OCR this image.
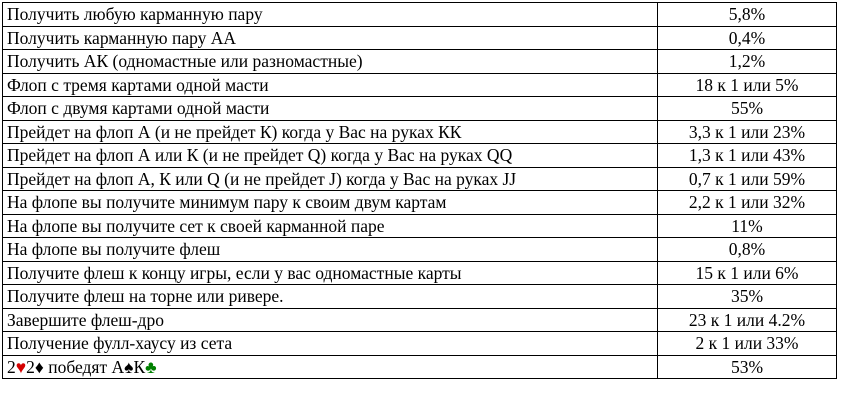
Получить любую карманную пару	5,8%
Получить карманную пару АА	0,4%
Получить АК (одномастные или разномастные)	1,2%
Флоп с тремя картами одной масти	18 к 1 или 5%
Флоп с двумя картами одной масти	55%
Прейдет на флоп А (и не прейдет К) когда у Вас на руках КК	3,3 к 1 или 23%
Прейдет на флоп А или К (и не прейдет Q) когда у Вас на руках QQ	1,3 к 1 или 43%
Прейдет на флоп А, К или Q (и не прейдет J) когда у Вас на руках JJ	0,7 к 1 или 59%
На флопе вы получите минимум пару к своим двум картам	2,2 к 1 или 32%
На флопе вы получите сет к своей карманной паре	11%
На флопе вы получите флеш	0,8%
Получите флеш к концу игры, если у вас одномастные карты	15 к 1 или 6%
Получите флеш на торне или ривере.	35%
Завершите флеш-дро	23 к 1 или 4.2%
Получение фулл-хаусу из сета	2 к 1 или 33%
2♥2♦ победят А♠К♣	53%
